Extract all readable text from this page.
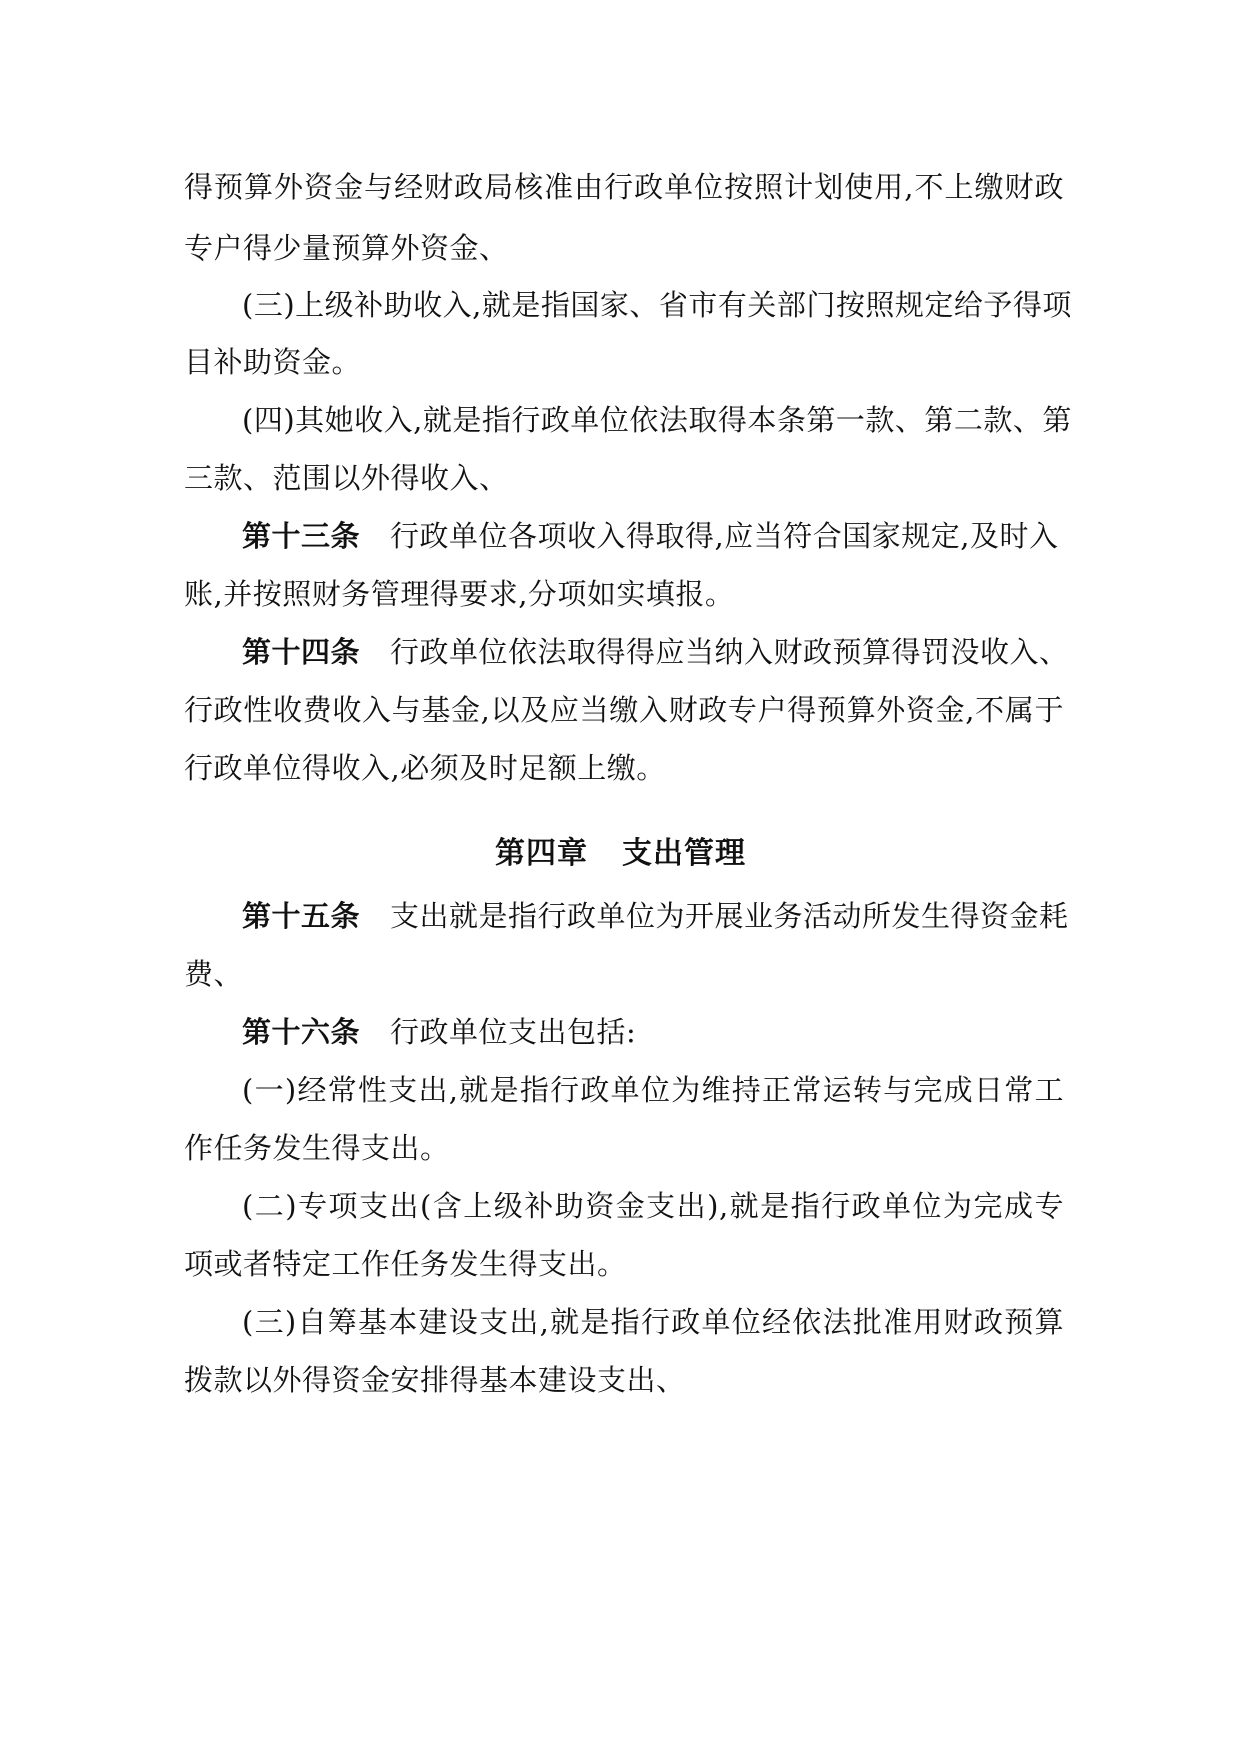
得预算外资金与经财政局核准由行政单位按照计划使用,不上缴财政
专户得少量预算外资金、
(三)上级补助收入,就是指国家、省市有关部门按照规定给予得项
目补助资金。
(四)其她收入,就是指行政单位依法取得本条第一款、第二款、第
三款、范围以外得收入、
第十三条 行政单位各项收入得取得,应当符合国家规定,及时入
账,并按照财务管理得要求,分项如实填报。
第十四条 行政单位依法取得得应当纳入财政预算得罚没收入、
行政性收费收入与基金,以及应当缴入财政专户得预算外资金,不属于
行政单位得收入,必须及时足额上缴。
第四章 支出管理
第十五条 支出就是指行政单位为开展业务活动所发生得资金耗
费、
第十六条 行政单位支出包括:
(一)经常性支出,就是指行政单位为维持正常运转与完成日常工
作任务发生得支出。
(二)专项支出(含上级补助资金支出),就是指行政单位为完成专
项或者特定工作任务发生得支出。
(三)自筹基本建设支出,就是指行政单位经依法批准用财政预算
拨款以外得资金安排得基本建设支出、
